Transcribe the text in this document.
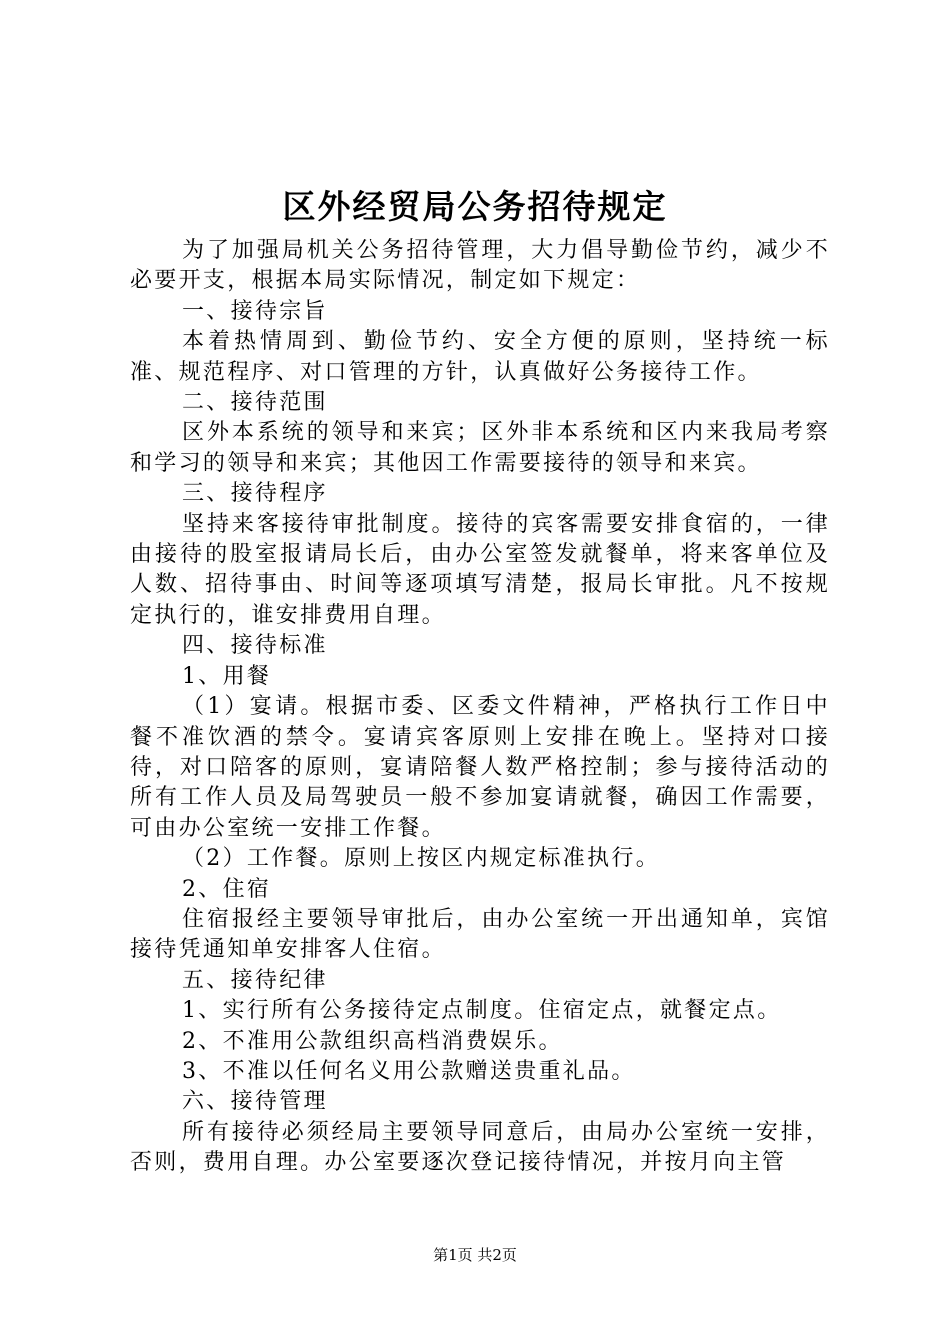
区外经贸局公务招待规定
为了加强局机关公务招待管理，大力倡导勤俭节约，减少不必要开支，根据本局实际情况，制定如下规定：
一、接待宗旨
本着热情周到、勤俭节约、安全方便的原则，坚持统一标准、规范程序、对口管理的方针，认真做好公务接待工作。
二、接待范围
区外本系统的领导和来宾；区外非本系统和区内来我局考察和学习的领导和来宾；其他因工作需要接待的领导和来宾。
三、接待程序
坚持来客接待审批制度。接待的宾客需要安排食宿的，一律由接待的股室报请局长后，由办公室签发就餐单，将来客单位及人数、招待事由、时间等逐项填写清楚，报局长审批。凡不按规定执行的，谁安排费用自理。
四、接待标准
1、用餐
（1）宴请。根据市委、区委文件精神，严格执行工作日中餐不准饮酒的禁令。宴请宾客原则上安排在晚上。坚持对口接待，对口陪客的原则，宴请陪餐人数严格控制；参与接待活动的所有工作人员及局驾驶员一般不参加宴请就餐，确因工作需要，可由办公室统一安排工作餐。
（2）工作餐。原则上按区内规定标准执行。
2、住宿
住宿报经主要领导审批后，由办公室统一开出通知单，宾馆接待凭通知单安排客人住宿。
五、接待纪律
1、实行所有公务接待定点制度。住宿定点，就餐定点。
2、不准用公款组织高档消费娱乐。
3、不准以任何名义用公款赠送贵重礼品。
六、接待管理
所有接待必须经局主要领导同意后，由局办公室统一安排，否则，费用自理。办公室要逐次登记接待情况，并按月向主管
第1页 共2页
